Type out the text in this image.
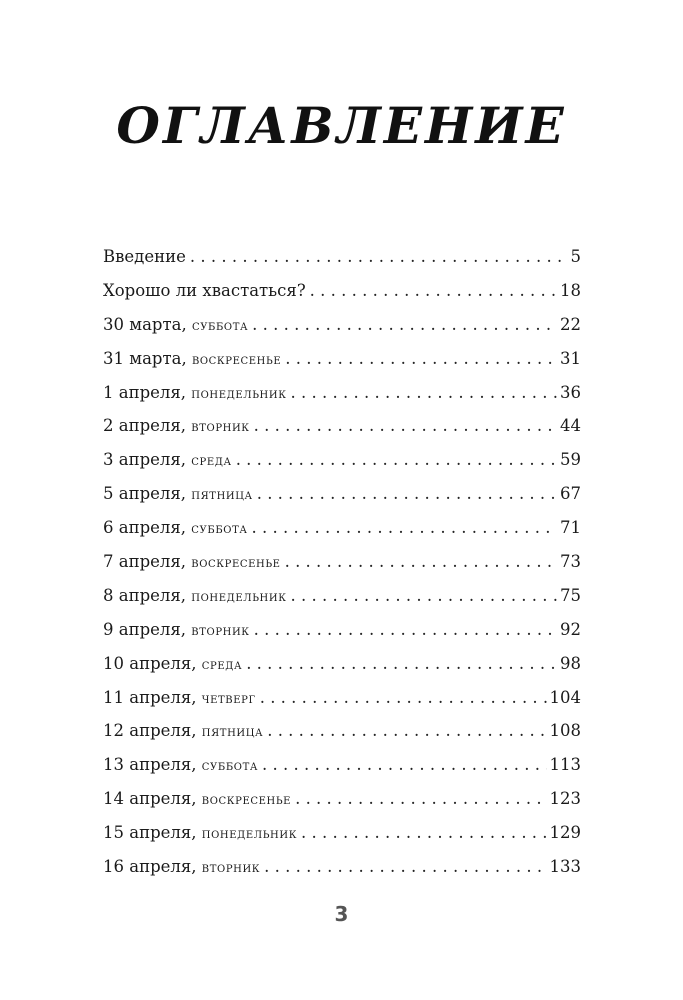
ОГЛАВЛЕНИЕ
Введение . . .	5
Хорошо ли хвастаться? . . .	18
30 марта, суббота . . .	22
31 марта, воскресенье . . .	31
1 апреля, понедельник . . .	36
2 апреля, вторник . . .	44
3 апреля, среда . . .	59
5 апреля, пятница . . .	67
6 апреля, суббота . . .	71
7 апреля, воскресенье . . .	73
8 апреля, понедельник . . .	75
9 апреля, вторник . . .	92
10 апреля, среда . . .	98
11 апреля, четверг . . .	104
12 апреля, пятница . . .	108
13 апреля, суббота . . .	113
14 апреля, воскресенье . . .	123
15 апреля, понедельник . . .	129
16 апреля, вторник . . .	133
3
